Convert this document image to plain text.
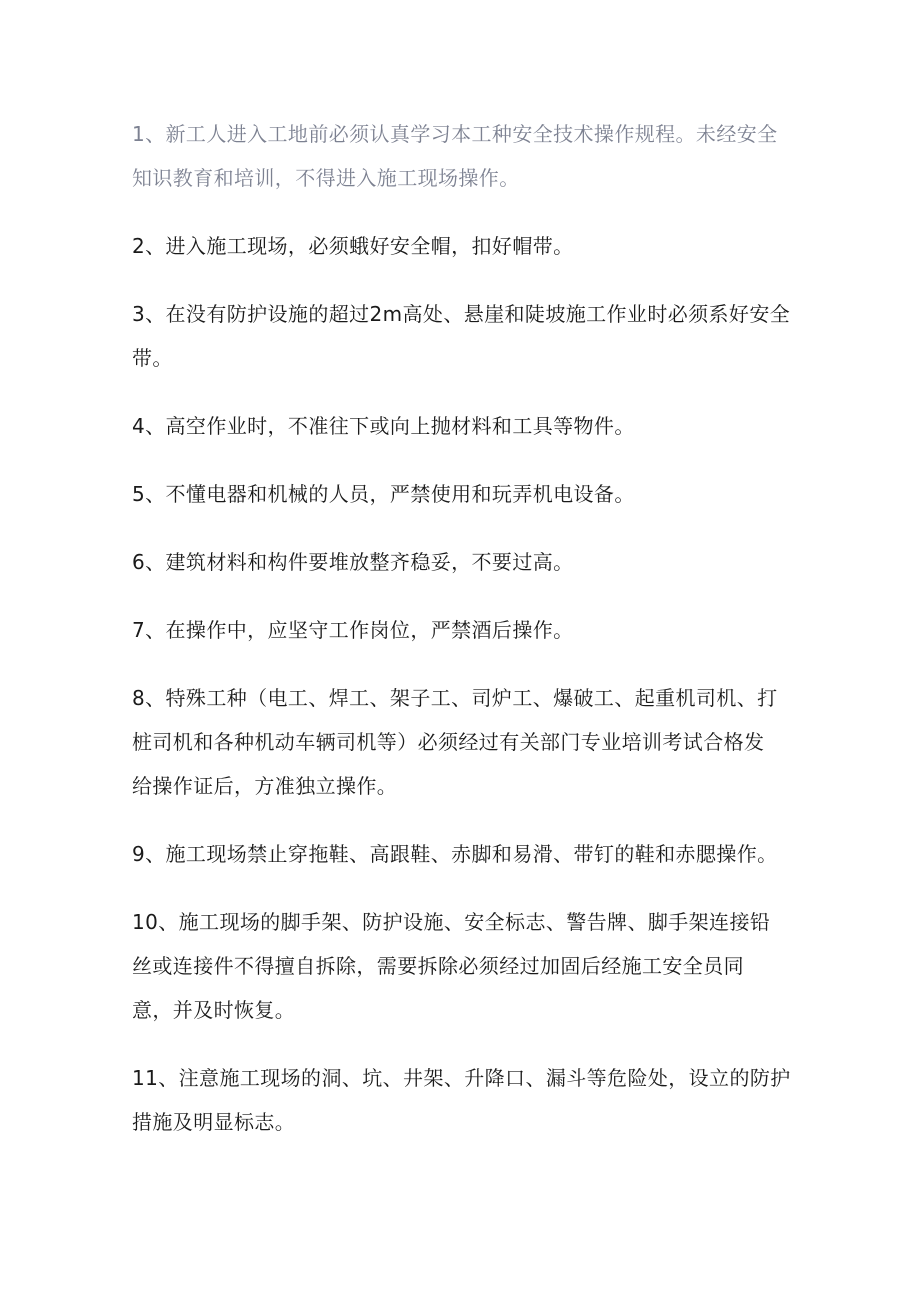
1、新工人进入工地前必须认真学习本工种安全技术操作规程。未经安全
知识教育和培训，不得进入施工现场操作。

2、进入施工现场，必须蛾好安全帽，扣好帽带。

3、在没有防护设施的超过2m高处、悬崖和陡坡施工作业时必须系好安全
带。

4、高空作业时，不准往下或向上抛材料和工具等物件。

5、不懂电器和机械的人员，严禁使用和玩弄机电设备。

6、建筑材料和构件要堆放整齐稳妥，不要过高。

7、在操作中，应坚守工作岗位，严禁酒后操作。

8、特殊工种（电工、焊工、架子工、司炉工、爆破工、起重机司机、打
桩司机和各种机动车辆司机等）必须经过有关部门专业培训考试合格发
给操作证后，方准独立操作。

9、施工现场禁止穿拖鞋、高跟鞋、赤脚和易滑、带钉的鞋和赤腮操作。

10、施工现场的脚手架、防护设施、安全标志、警告牌、脚手架连接铅
丝或连接件不得擅自拆除，需要拆除必须经过加固后经施工安全员同
意，并及时恢复。

11、注意施工现场的洞、坑、井架、升降口、漏斗等危险处，设立的防护
措施及明显标志。
